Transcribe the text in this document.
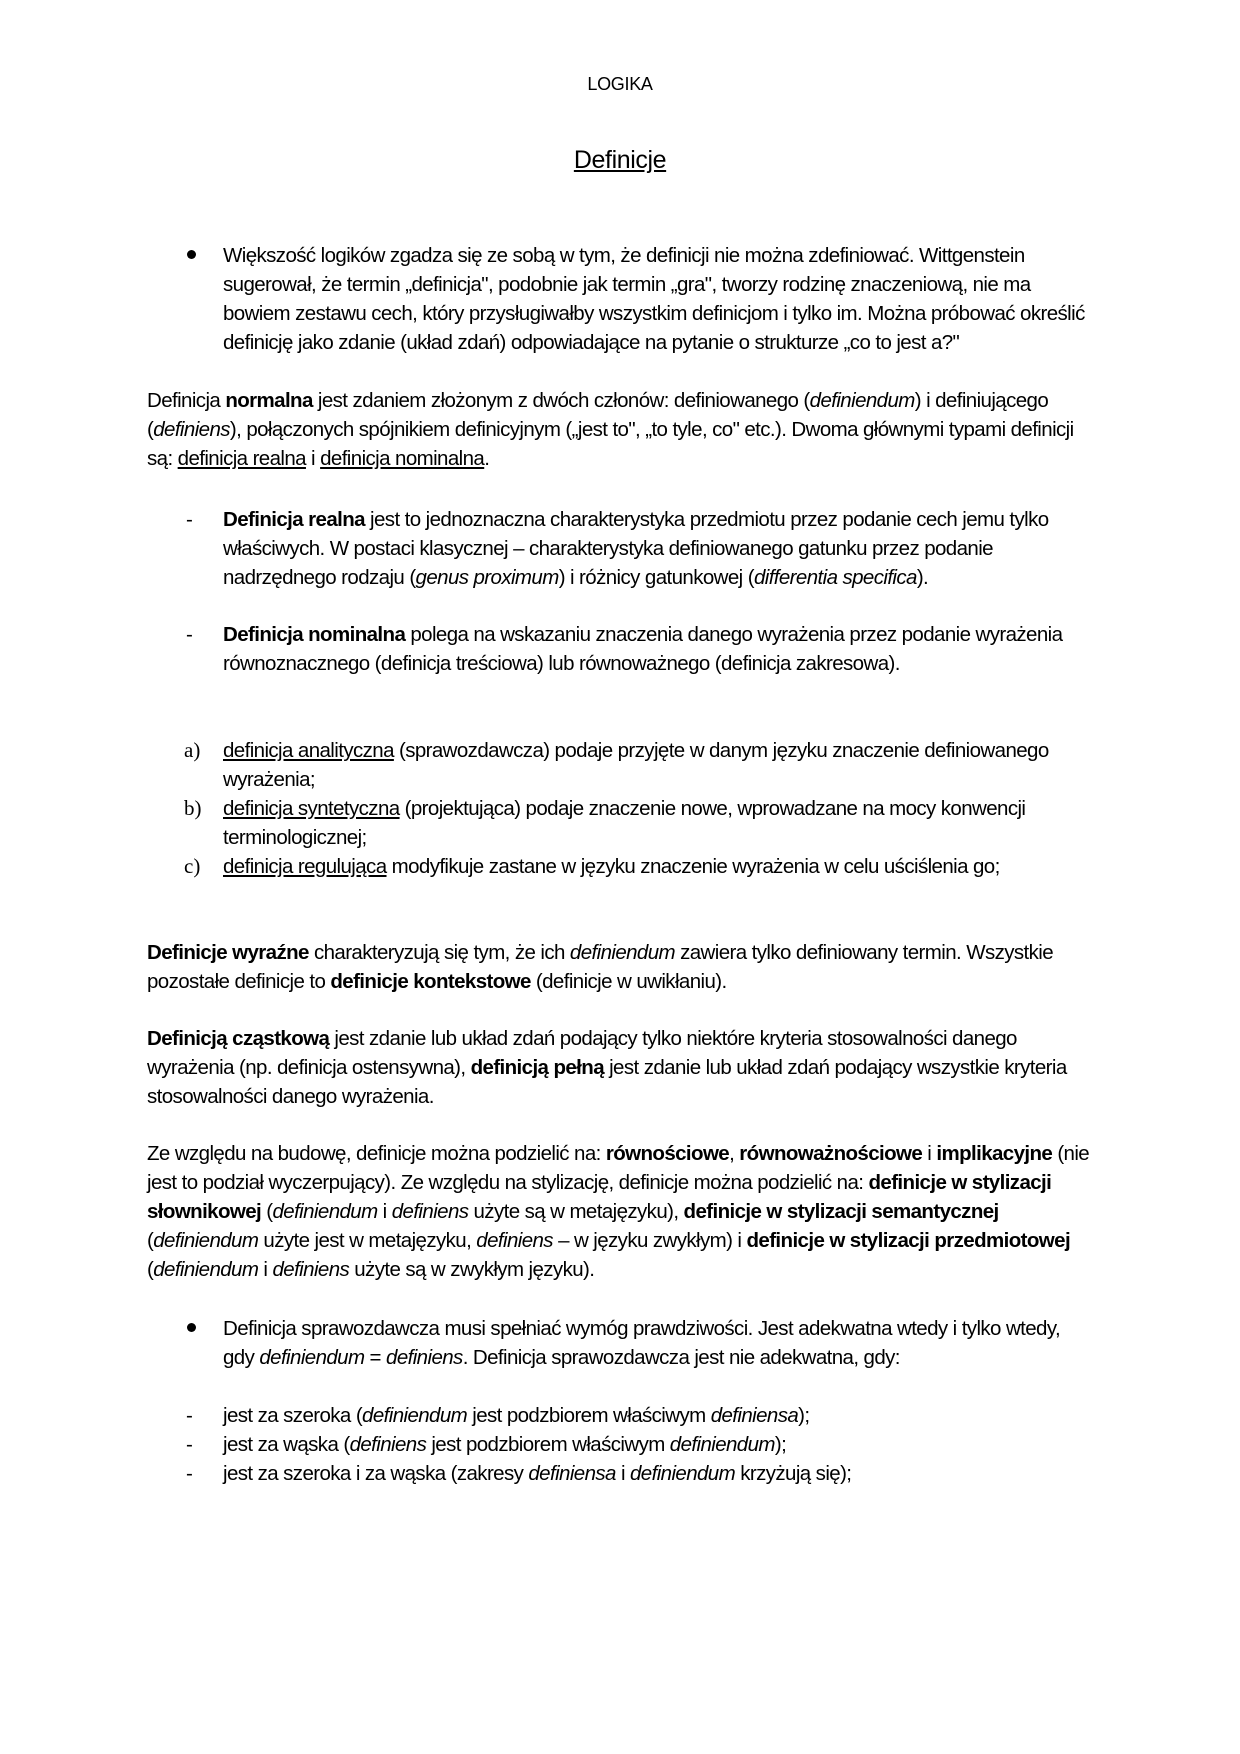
LOGIKA
Definicje
Większość logików zgadza się ze sobą w tym, że definicji nie można zdefiniować. Wittgenstein sugerował, że termin „definicja", podobnie jak termin „gra", tworzy rodzinę znaczeniową, nie ma bowiem zestawu cech, który przysługiwałby wszystkim definicjom i tylko im. Można próbować określić definicję jako zdanie (układ zdań) odpowiadające na pytanie o strukturze „co to jest a?"
Definicja normalna jest zdaniem złożonym z dwóch członów: definiowanego (definiendum) i definiującego (definiens), połączonych spójnikiem definicyjnym („jest to", „to tyle, co" etc.). Dwoma głównymi typami definicji są: definicja realna i definicja nominalna.
- Definicja realna jest to jednoznaczna charakterystyka przedmiotu przez podanie cech jemu tylko właściwych. W postaci klasycznej – charakterystyka definiowanego gatunku przez podanie nadrzędnego rodzaju (genus proximum) i różnicy gatunkowej (differentia specifica).
- Definicja nominalna polega na wskazaniu znaczenia danego wyrażenia przez podanie wyrażenia równoznacznego (definicja treściowa) lub równoważnego (definicja zakresowa).
a) definicja analityczna (sprawozdawcza) podaje przyjęte w danym języku znaczenie definiowanego wyrażenia;
b) definicja syntetyczna (projektująca) podaje znaczenie nowe, wprowadzane na mocy konwencji terminologicznej;
c) definicja regulująca modyfikuje zastane w języku znaczenie wyrażenia w celu uściślenia go;
Definicje wyraźne charakteryzują się tym, że ich definiendum zawiera tylko definiowany termin. Wszystkie pozostałe definicje to definicje kontekstowe (definicje w uwikłaniu).
Definicją cząstkową jest zdanie lub układ zdań podający tylko niektóre kryteria stosowalności danego wyrażenia (np. definicja ostensywna), definicją pełną jest zdanie lub układ zdań podający wszystkie kryteria stosowalności danego wyrażenia.
Ze względu na budowę, definicje można podzielić na: równościowe, równoważnościowe i implikacyjne (nie jest to podział wyczerpujący). Ze względu na stylizację, definicje można podzielić na: definicje w stylizacji słownikowej (definiendum i definiens użyte są w metajęzyku), definicje w stylizacji semantycznej (definiendum użyte jest w metajęzyku, definiens – w języku zwykłym) i definicje w stylizacji przedmiotowej (definiendum i definiens użyte są w zwykłym języku).
Definicja sprawozdawcza musi spełniać wymóg prawdziwości. Jest adekwatna wtedy i tylko wtedy, gdy definiendum = definiens. Definicja sprawozdawcza jest nie adekwatna, gdy:
- jest za szeroka (definiendum jest podzbiorem właściwym definiensa);
- jest za wąska (definiens jest podzbiorem właściwym definiendum);
- jest za szeroka i za wąska (zakresy definiensa i definiendum krzyżują się);
